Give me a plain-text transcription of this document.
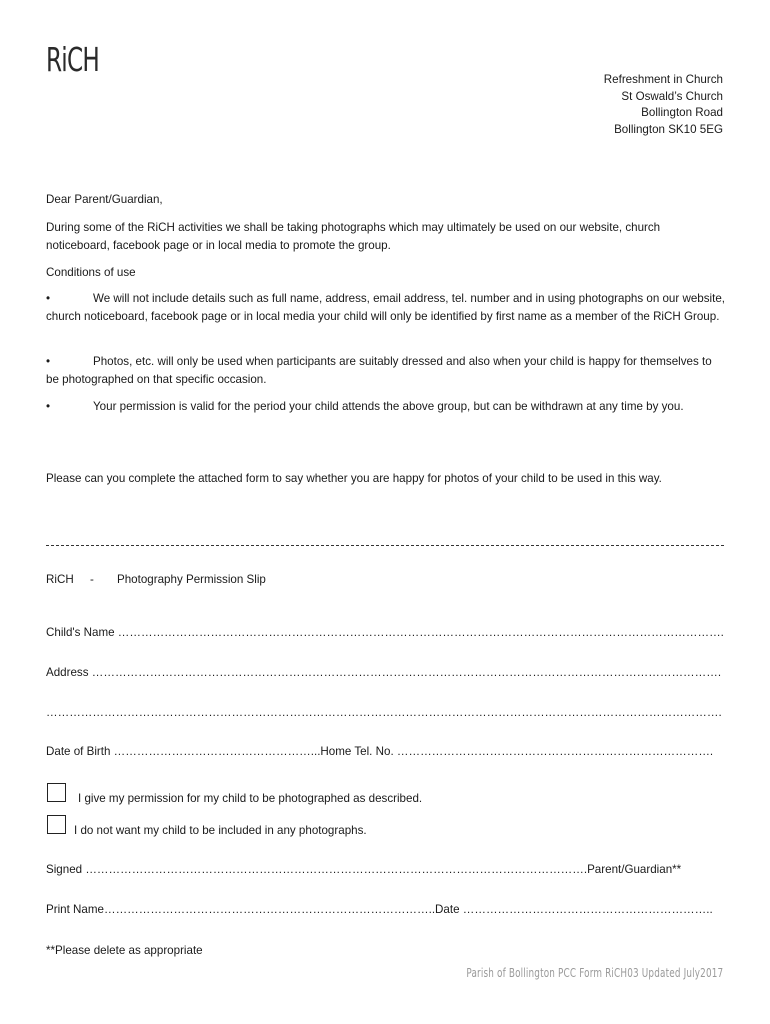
RiCH
Refreshment in Church
St Oswald’s Church
Bollington Road
Bollington SK10 5EG
Dear Parent/Guardian,
During some of the RiCH activities we shall be taking photographs which may ultimately be used on our website, church noticeboard, facebook page or in local media to promote the group.
Conditions of use
•	We will not include details such as full name, address, email address, tel. number and in using photographs on our website, church noticeboard, facebook page or in local media your child will only be identified by first name as a member of the RiCH Group.
•	Photos, etc. will only be used when participants are suitably dressed and also when your child is happy for themselves to be photographed on that specific occasion.
•	Your permission is valid for the period your child attends the above group, but can be withdrawn at any time by you.
Please can you complete the attached form to say whether you are happy for photos of your child to be used in this way.
RiCH - Photography Permission Slip
Child's Name ………………………………………………………………………………………………………………………………………….
Address ……………………………………………………………………………………………………………………………………………….
………………………………………………………………………………………………………………………………………………………….
Date of Birth ……………………………………………...Home Tel. No. ……………………………………………………………………….
I give my permission for my child to be photographed as described.
I do not want my child to be included in any photographs.
Signed ………………………………………………………………………………………………………………….Parent/Guardian**
Print Name…………………………………………………………………………..Date ………………………………………………………..
**Please delete as appropriate
Parish of Bollington PCC Form RiCH03 Updated July2017
